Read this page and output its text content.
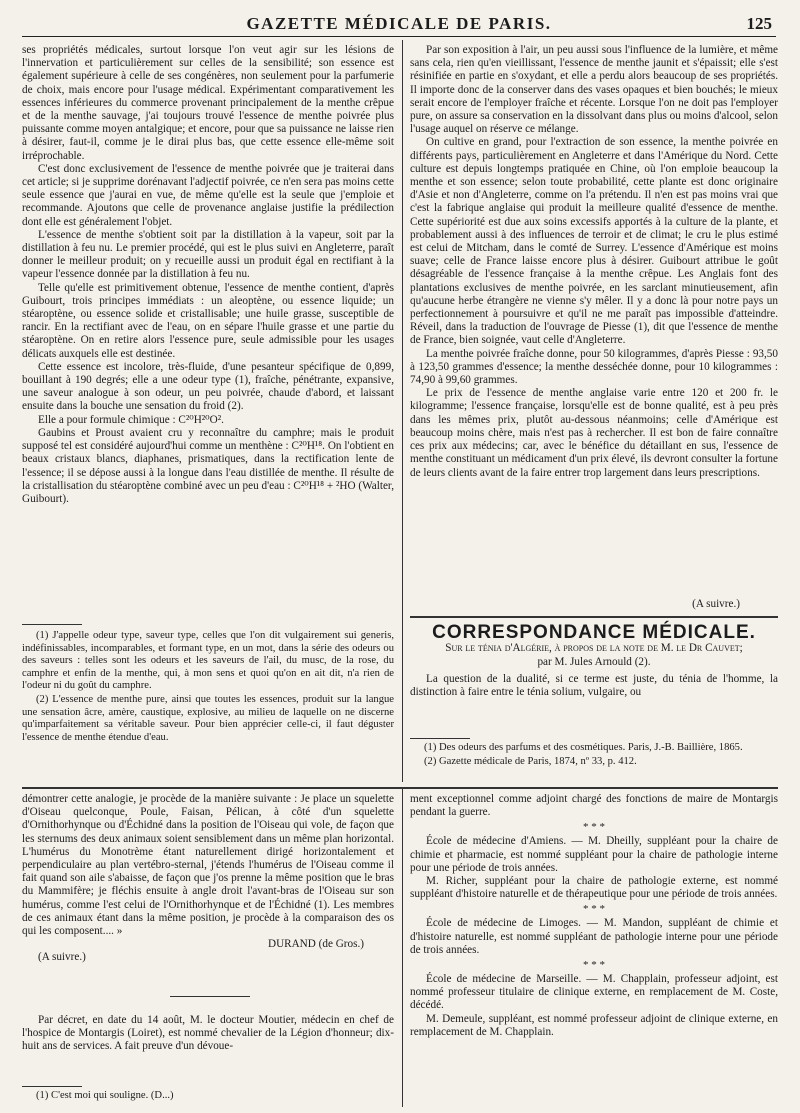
GAZETTE MÉDICALE DE PARIS.	125

ses propriétés médicales, surtout lorsque l'on veut agir sur les lésions de l'innervation et particulièrement sur celles de la sensibilité; son essence est également supérieure à celle de ses congénères, non seulement pour la parfumerie de choix, mais encore pour l'usage médical. Expérimentant comparativement les essences inférieures du commerce provenant principalement de la menthe crêpue et de la menthe sauvage, j'ai toujours trouvé l'essence de menthe poivrée plus puissante comme moyen antalgique; et encore, pour que sa puissance ne laisse rien à désirer, faut-il, comme je le dirai plus bas, que cette essence elle-même soit irréprochable.

C'est donc exclusivement de l'essence de menthe poivrée que je traiterai dans cet article; si je supprime dorénavant l'adjectif poivrée, ce n'en sera pas moins cette seule essence que j'aurai en vue, de même qu'elle est la seule que j'emploie et recommande. Ajoutons que celle de provenance anglaise justifie la prédilection dont elle est généralement l'objet.

L'essence de menthe s'obtient soit par la distillation à la vapeur, soit par la distillation à feu nu. Le premier procédé, qui est le plus suivi en Angleterre, paraît donner le meilleur produit; on y recueille aussi un produit égal en rectifiant à la vapeur l'essence donnée par la distillation à feu nu.

Telle qu'elle est primitivement obtenue, l'essence de menthe contient, d'après Guibourt, trois principes immédiats : un aleoptène, ou essence liquide; un stéaroptène, ou essence solide et cristallisable; une huile grasse, susceptible de rancir. En la rectifiant avec de l'eau, on en sépare l'huile grasse et une partie du stéaroptène. On en retire alors l'essence pure, seule admissible pour les usages délicats auxquels elle est destinée.

Cette essence est incolore, très-fluide, d'une pesanteur spécifique de 0,899, bouillant à 190 degrés; elle a une odeur type (1), fraîche, pénétrante, expansive, une saveur analogue à son odeur, un peu poivrée, chaude d'abord, et laissant ensuite dans la bouche une sensation du froid (2).

Elle a pour formule chimique : C²⁰H²⁰O².

Gaubins et Proust avaient cru y reconnaître du camphre; mais le produit supposé tel est considéré aujourd'hui comme un menthène : C²⁰H¹⁸. On l'obtient en beaux cristaux blancs, diaphanes, prismatiques, dans la rectification lente de l'essence; il se dépose aussi à la longue dans l'eau distillée de menthe. Il résulte de la cristallisation du stéaroptène combiné avec un peu d'eau : C²⁰H¹⁸ + ²HO (Walter, Guibourt).

(1) J'appelle odeur type, saveur type, celles que l'on dit vulgairement sui generis, indéfinissables, incomparables, et formant type, en un mot, dans la série des odeurs ou des saveurs : telles sont les odeurs et les saveurs de l'ail, du musc, de la rose, du camphre et enfin de la menthe, qui, à mon sens et quoi qu'on en ait dit, n'a rien de l'odeur ni du goût du camphre.

(2) L'essence de menthe pure, ainsi que toutes les essences, produit sur la langue une sensation âcre, amère, caustique, explosive, au milieu de laquelle on ne discerne qu'imparfaitement sa véritable saveur. Pour bien apprécier celle-ci, il faut déguster l'essence de menthe étendue d'eau.

Par son exposition à l'air, un peu aussi sous l'influence de la lumière, et même sans cela, rien qu'en vieillissant, l'essence de menthe jaunit et s'épaissit; elle s'est résinifiée en partie en s'oxydant, et elle a perdu alors beaucoup de ses propriétés. Il importe donc de la conserver dans des vases opaques et bien bouchés; le mieux serait encore de l'employer fraîche et récente. Lorsque l'on ne doit pas l'employer pure, on assure sa conservation en la dissolvant dans plus ou moins d'alcool, selon l'usage auquel on réserve ce mélange.

On cultive en grand, pour l'extraction de son essence, la menthe poivrée en différents pays, particulièrement en Angleterre et dans l'Amérique du Nord. Cette culture est depuis longtemps pratiquée en Chine, où l'on emploie beaucoup la menthe et son essence; selon toute probabilité, cette plante est donc originaire d'Asie et non d'Angleterre, comme on l'a prétendu. Il n'en est pas moins vrai que c'est la fabrique anglaise qui produit la meilleure qualité d'essence de menthe. Cette supériorité est due aux soins excessifs apportés à la culture de la plante, et probablement aussi à des influences de terroir et de climat; le cru le plus estimé est celui de Mitcham, dans le comté de Surrey. L'essence d'Amérique est moins suave; celle de France laisse encore plus à désirer. Guibourt attribue le goût désagréable de l'essence française à la menthe crêpue. Les Anglais font des plantations exclusives de menthe poivrée, en les sarclant minutieusement, afin qu'aucune herbe étrangère ne vienne s'y mêler. Il y a donc là pour notre pays un perfectionnement à poursuivre et qu'il ne me paraît pas impossible d'atteindre. Réveil, dans la traduction de l'ouvrage de Piesse (1), dit que l'essence de menthe de France, bien soignée, vaut celle d'Angleterre.

La menthe poivrée fraîche donne, pour 50 kilogrammes, d'après Piesse : 93,50 à 123,50 grammes d'essence; la menthe desséchée donne, pour 10 kilogrammes : 74,90 à 99,60 grammes.

Le prix de l'essence de menthe anglaise varie entre 120 et 200 fr. le kilogramme; l'essence française, lorsqu'elle est de bonne qualité, est à peu près dans les mêmes prix, plutôt au-dessous néanmoins; celle d'Amérique est beaucoup moins chère, mais n'est pas à rechercher. Il est bon de faire connaître ces prix aux médecins; car, avec le bénéfice du détaillant en sus, l'essence de menthe constituant un médicament d'un prix élevé, ils devront consulter la fortune de leurs clients avant de la faire entrer trop largement dans leurs prescriptions.

(A suivre.)
CORRESPONDANCE MÉDICALE.
Sur le ténia d'Algérie, à propos de la note de M. le Dr Cauvet;
par M. Jules Arnould (2).

La question de la dualité, si ce terme est juste, du ténia de l'homme, la distinction à faire entre le ténia solium, vulgaire, ou

(1) Des odeurs des parfums et des cosmétiques. Paris, J.-B. Baillière, 1865.

(2) Gazette médicale de Paris, 1874, nº 33, p. 412.

démontrer cette analogie, je procède de la manière suivante : Je place un squelette d'Oiseau quelconque, Poule, Faisan, Pélican, à côté d'un squelette d'Ornithorhynque ou d'Échidné dans la position de l'Oiseau qui vole, de façon que les sternums des deux animaux soient sensiblement dans un même plan horizontal. L'humérus du Monotrème étant naturellement dirigé horizontalement et perpendiculaire au plan vertébro-sternal, j'étends l'humérus de l'Oiseau comme il fait quand son aile s'abaisse, de façon que j'os prenne la même position que le bras du Mammifère; je fléchis ensuite à angle droit l'avant-bras de l'Oiseau sur son humérus, comme l'est celui de l'Ornithorhynque et de l'Échidné (1). Les membres de ces animaux étant dans la même position, je procède à la comparaison des os qui les composent.... »

DURAND (de Gros.)
(A suivre.)

Par décret, en date du 14 août, M. le docteur Moutier, médecin en chef de l'hospice de Montargis (Loiret), est nommé chevalier de la Légion d'honneur; dix-huit ans de services. A fait preuve d'un dévoue-

(1) C'est moi qui souligne. (D...)

ment exceptionnel comme adjoint chargé des fonctions de maire de Montargis pendant la guerre.

* * *

École de médecine d'Amiens. — M. Dheilly, suppléant pour la chaire de chimie et pharmacie, est nommé suppléant pour la chaire de pathologie interne pour une période de trois années.

M. Richer, suppléant pour la chaire de pathologie externe, est nommé suppléant d'histoire naturelle et de thérapeutique pour une période de trois années.

* * *

École de médecine de Limoges. — M. Mandon, suppléant de chimie et d'histoire naturelle, est nommé suppléant de pathologie interne pour une période de trois années.

* * *

École de médecine de Marseille. — M. Chapplain, professeur adjoint, est nommé professeur titulaire de clinique externe, en remplacement de M. Coste, décédé.

M. Demeule, suppléant, est nommé professeur adjoint de clinique externe, en remplacement de M. Chapplain.
